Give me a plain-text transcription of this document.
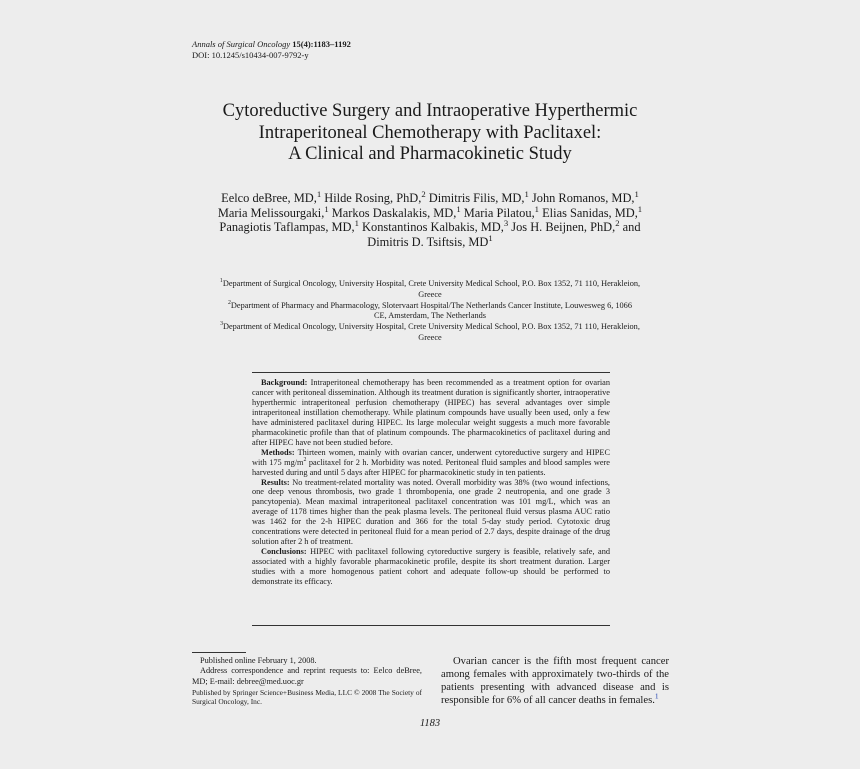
Annals of Surgical Oncology 15(4):1183–1192
DOI: 10.1245/s10434-007-9792-y
Cytoreductive Surgery and Intraoperative Hyperthermic
Intraperitoneal Chemotherapy with Paclitaxel:
A Clinical and Pharmacokinetic Study
Eelco deBree, MD,$^1$ Hilde Rosing, PhD,$^2$ Dimitris Filis, MD,$^1$ John Romanos, MD,$^1$
Maria Melissourgaki,$^1$ Markos Daskalakis, MD,$^1$ Maria Pilatou,$^1$ Elias Sanidas, MD,$^1$
Panagiotis Taflampas, MD,$^1$ Konstantinos Kalbakis, MD,$^3$ Jos H. Beijnen, PhD,$^2$ and
Dimitris D. Tsiftsis, $MD^1$
$^1$Department of Surgical Oncology, University Hospital, Crete University Medical School, P.O. Box 1352, 71 110, Herakleion,
Greece
$^2$Department of Pharmacy and Pharmacology, Slotervaart Hospital/The Netherlands Cancer Institute, Louwesweg 6, 1066
CE, Amsterdam, The Netherlands
$^3$Department of Medical Oncology, University Hospital, Crete University Medical School, P.O. Box 1352, 71 110, Herakleion,
Greece

Background: Intraperitoneal chemotherapy has been recommended as a treatment option for ovarian cancer with peritoneal dissemination. Although its treatment duration is significantly shorter, intraoperative hyperthermic intraperitoneal perfusion chemotherapy (HIPEC) has several advantages over simple intraperitoneal instillation chemotherapy. While platinum compounds have usually been used, only a few have administered paclitaxel during HIPEC. Its large molecular weight suggests a much more favorable pharmacokinetic profile than that of platinum compounds. The pharmacokinetics of paclitaxel during and after HIPEC have not been studied before.

Methods: Thirteen women, mainly with ovarian cancer, underwent cytoreductive surgery and HIPEC with 175 $mg/m^2$ paclitaxel for 2 h. Morbidity was noted. Peritoneal fluid samples and blood samples were harvested during and until 5 days after HIPEC for pharmacokinetic study in ten patients.

Results: No treatment-related mortality was noted. Overall morbidity was 38% (two wound infections, one deep venous thrombosis, two grade 1 thrombopenia, one grade 2 neutropenia, and one grade 3 pancytopenia). Mean maximal intraperitoneal paclitaxel concentration was 101 mg/L, which was an average of 1178 times higher than the peak plasma levels. The peritoneal fluid versus plasma AUC ratio was 1462 for the 2-h HIPEC duration and 366 for the total 5-day study period. Cytotoxic drug concentrations were detected in peritoneal fluid for a mean period of 2.7 days, despite drainage of the drug solution after 2 h of treatment.

Conclusions: HIPEC with paclitaxel following cytoreductive surgery is feasible, relatively safe, and associated with a highly favorable pharmacokinetic profile, despite its short treatment duration. Larger studies with a more homogenous patient cohort and adequate follow-up should be performed to demonstrate its efficacy.

Published online February 1, 2008.

Address correspondence and reprint requests to: Eelco deBree, MD; E-mail: debree@med.uoc.gr

Published by Springer Science+Business Media, LLC © 2008 The Society of Surgical Oncology, Inc.

Ovarian cancer is the fifth most frequent cancer among females with approximately two-thirds of the patients presenting with advanced disease and is responsible for 6% of all cancer deaths in females.$^1$

1183
